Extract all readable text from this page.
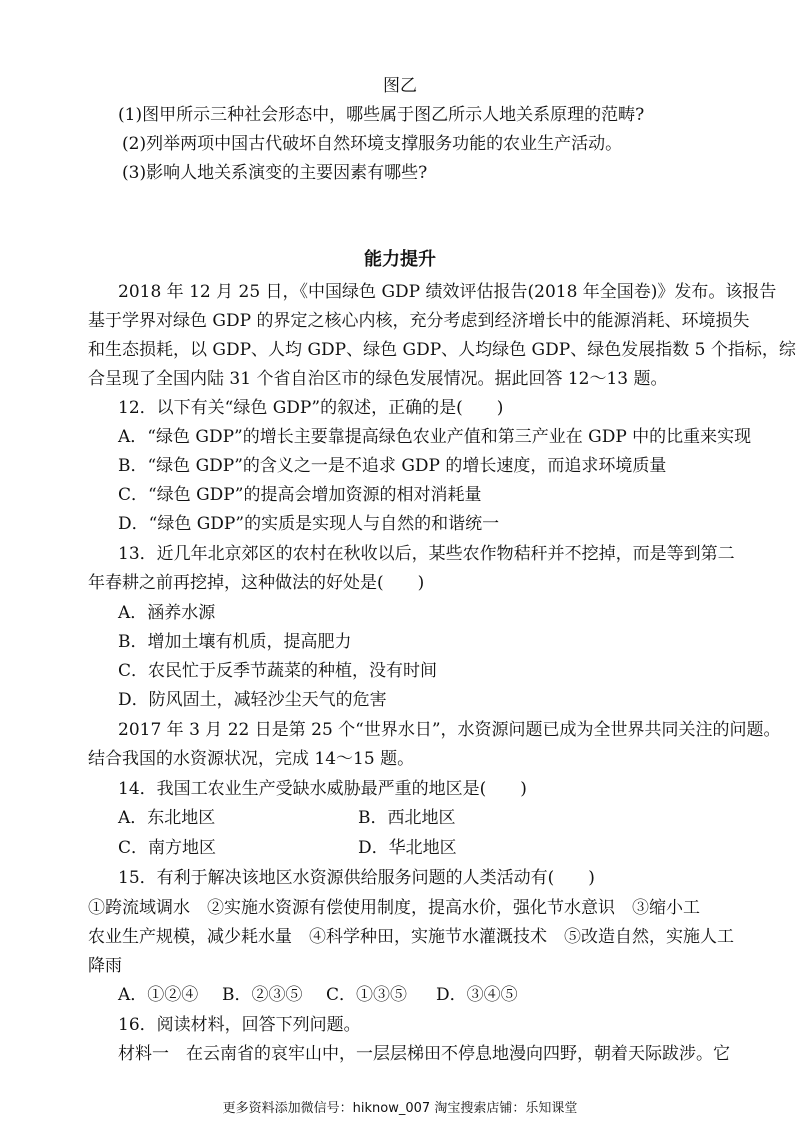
图乙
(1)图甲所示三种社会形态中，哪些属于图乙所示人地关系原理的范畴?
(2)列举两项中国古代破坏自然环境支撑服务功能的农业生产活动。
(3)影响人地关系演变的主要因素有哪些?
能力提升
2018 年 12 月 25 日，《中国绿色 GDP 绩效评估报告(2018 年全国卷)》发布。该报告
基于学界对绿色 GDP 的界定之核心内核，充分考虑到经济增长中的能源消耗、环境损失
和生态损耗，以 GDP、人均 GDP、绿色 GDP、人均绿色 GDP、绿色发展指数 5 个指标，综
合呈现了全国内陆 31 个省自治区市的绿色发展情况。据此回答 12～13 题。
12．以下有关“绿色 GDP”的叙述，正确的是(　　)
A．“绿色 GDP”的增长主要靠提高绿色农业产值和第三产业在 GDP 中的比重来实现
B．“绿色 GDP”的含义之一是不追求 GDP 的增长速度，而追求环境质量
C．“绿色 GDP”的提高会增加资源的相对消耗量
D．“绿色 GDP”的实质是实现人与自然的和谐统一
13．近几年北京郊区的农村在秋收以后，某些农作物秸秆并不挖掉，而是等到第二
年春耕之前再挖掉，这种做法的好处是(　　)
A．涵养水源
B．增加土壤有机质，提高肥力
C．农民忙于反季节蔬菜的种植，没有时间
D．防风固土，减轻沙尘天气的危害
2017 年 3 月 22 日是第 25 个“世界水日”，水资源问题已成为全世界共同关注的问题。
结合我国的水资源状况，完成 14～15 题。
14．我国工农业生产受缺水威胁最严重的地区是(　　)
A．东北地区	B．西北地区
C．南方地区	D．华北地区
15．有利于解决该地区水资源供给服务问题的人类活动有(　　)
①跨流域调水　②实施水资源有偿使用制度，提高水价，强化节水意识　③缩小工
农业生产规模，减少耗水量　④科学种田，实施节水灌溉技术　⑤改造自然，实施人工
降雨
A．①②④ B．②③⑤ C．①③⑤ D．③④⑤
16．阅读材料，回答下列问题。
材料一　在云南省的哀牢山中，一层层梯田不停息地漫向四野，朝着天际跋涉。它
更多资料添加微信号：hiknow_007 淘宝搜索店铺：乐知课堂
